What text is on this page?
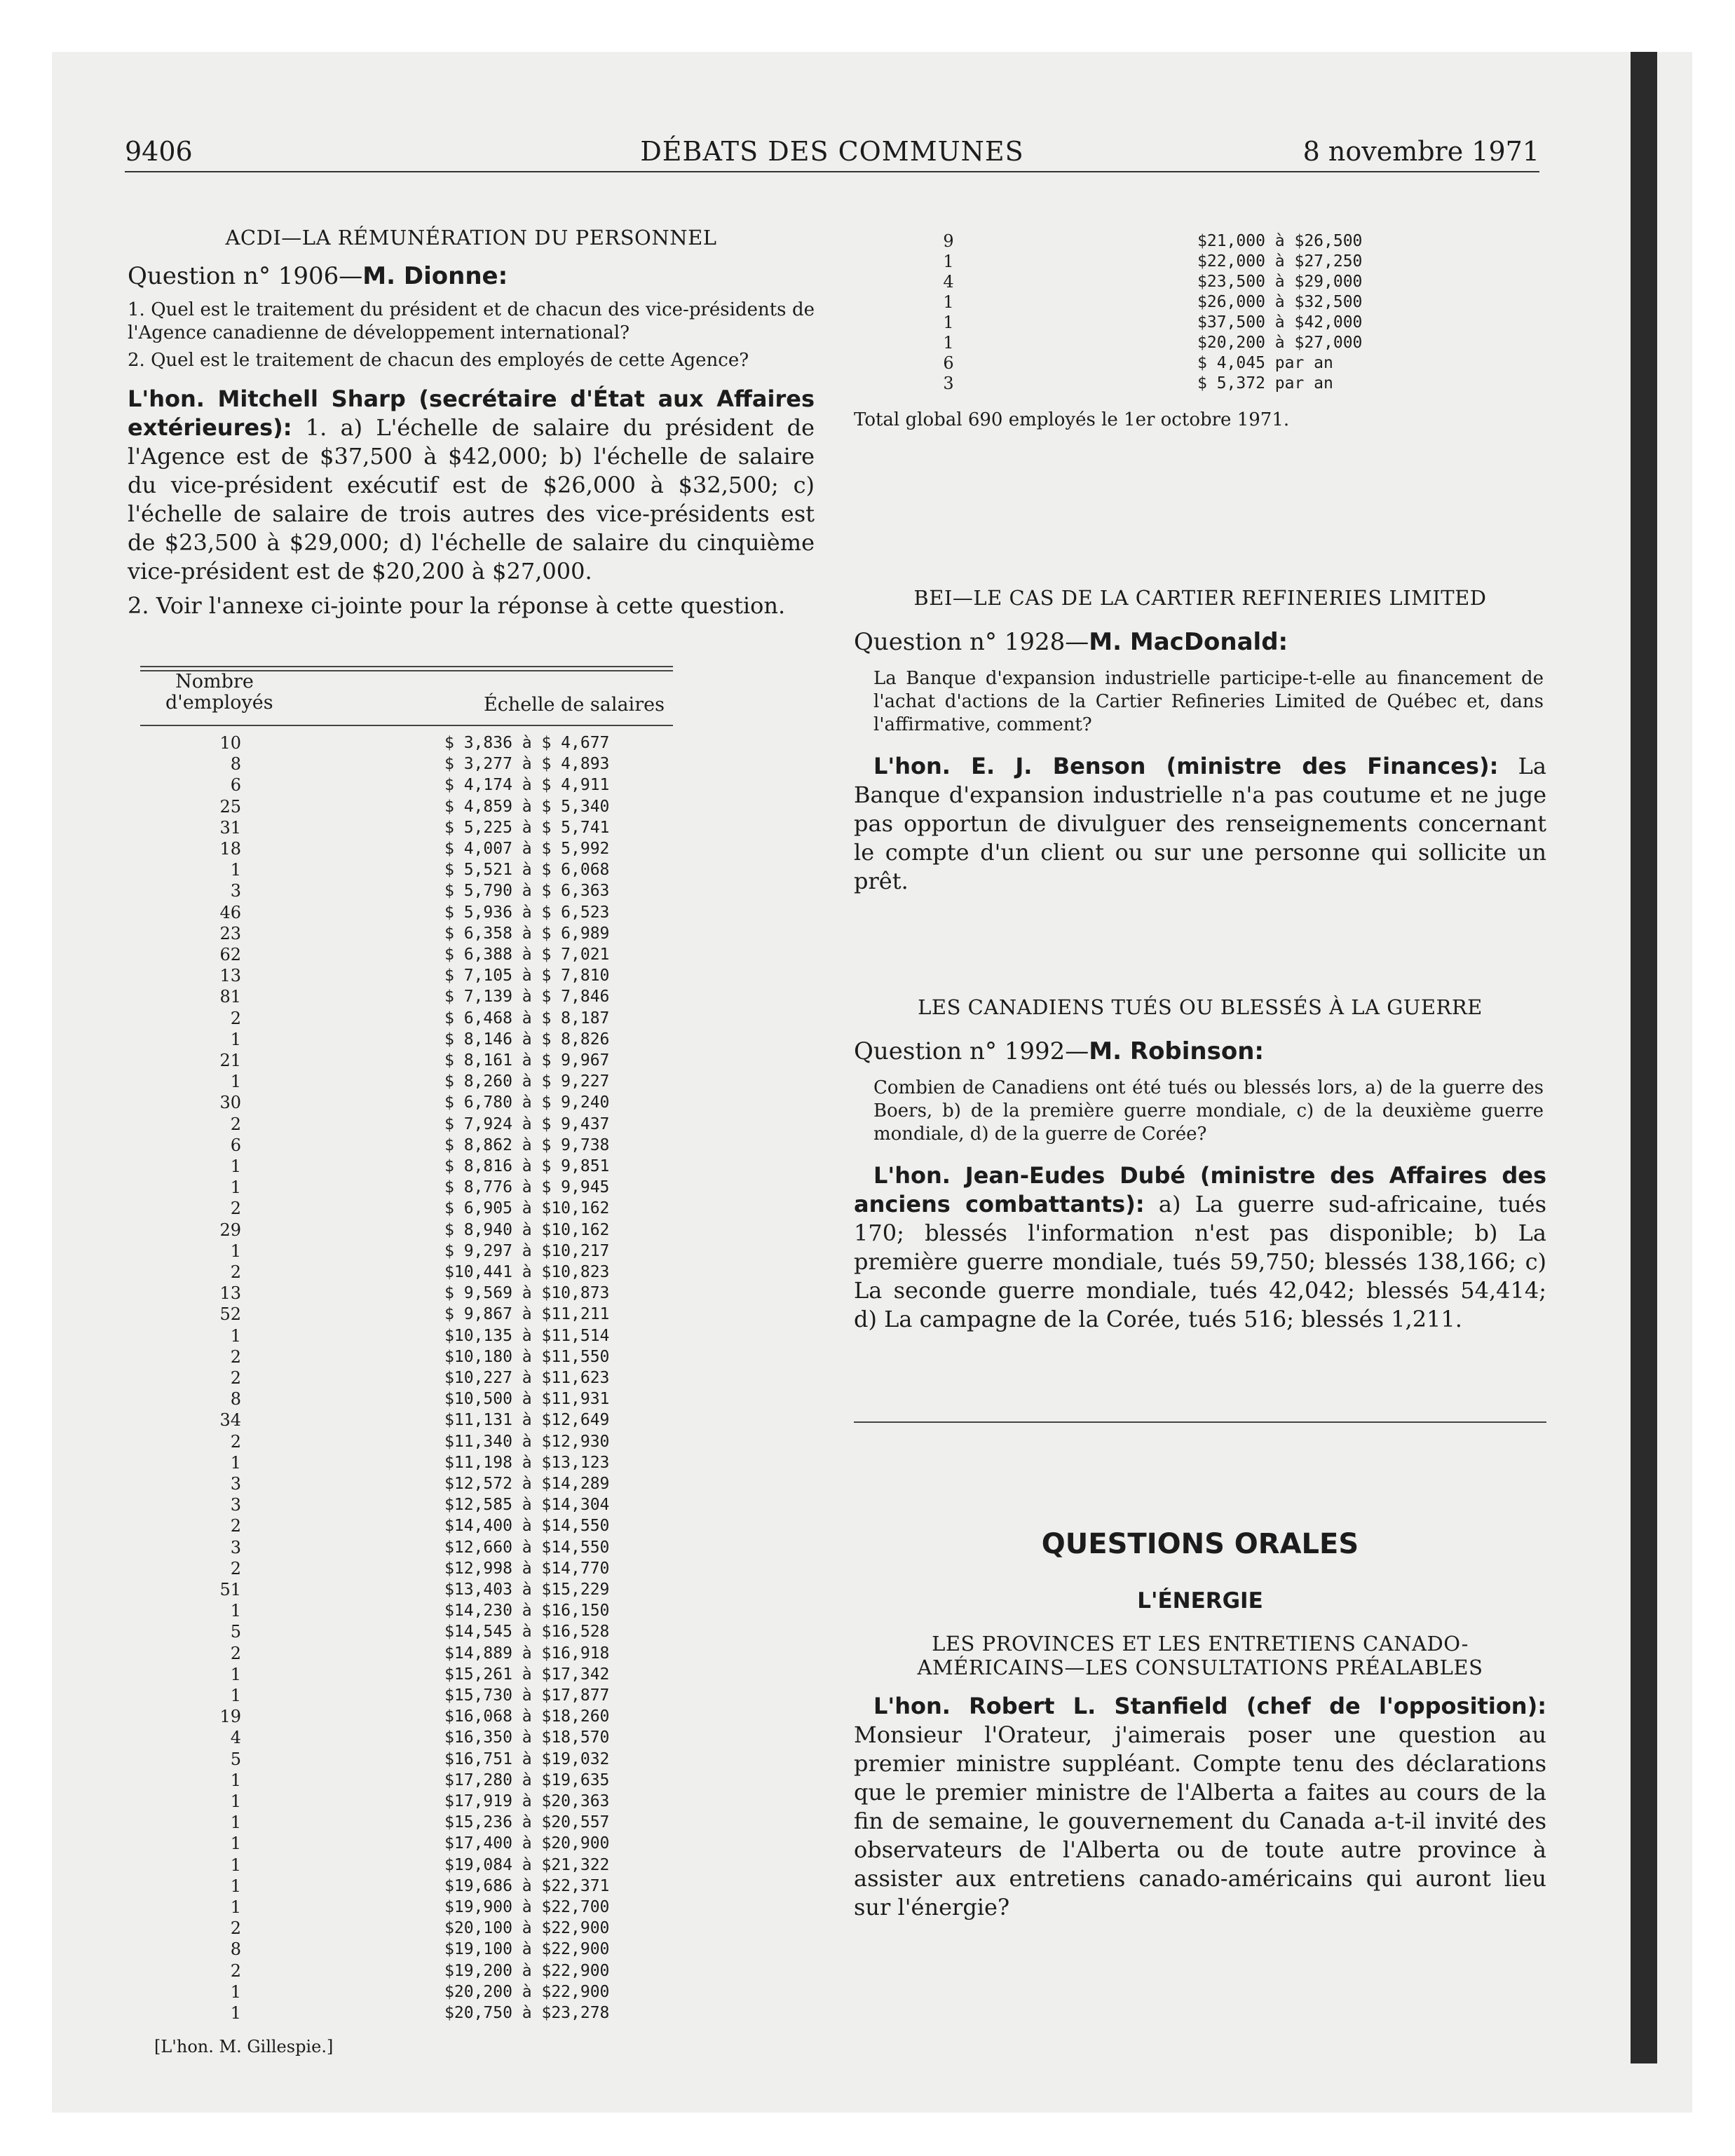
9406	DÉBATS DES COMMUNES	8 novembre 1971
ACDI—LA RÉMUNÉRATION DU PERSONNEL
Question n° 1906—M. Dionne:

1. Quel est le traitement du président et de chacun des vice-présidents de l'Agence canadienne de développement international?

2. Quel est le traitement de chacun des employés de cette Agence?

L'hon. Mitchell Sharp (secrétaire d'État aux Affaires extérieures): 1. a) L'échelle de salaire du président de l'Agence est de $37,500 à $42,000; b) l'échelle de salaire du vice-président exécutif est de $26,000 à $32,500; c) l'échelle de salaire de trois autres des vice-présidents est de $23,500 à $29,000; d) l'échelle de salaire du cinquième vice-président est de $20,200 à $27,000.

2. Voir l'annexe ci-jointe pour la réponse à cette question.

Nombre d'employés	Échelle de salaires
10	$ 3,836 à $ 4,677
8	$ 3,277 à $ 4,893
6	$ 4,174 à $ 4,911
25	$ 4,859 à $ 5,340
31	$ 5,225 à $ 5,741
18	$ 4,007 à $ 5,992
1	$ 5,521 à $ 6,068
3	$ 5,790 à $ 6,363
46	$ 5,936 à $ 6,523
23	$ 6,358 à $ 6,989
62	$ 6,388 à $ 7,021
13	$ 7,105 à $ 7,810
81	$ 7,139 à $ 7,846
2	$ 6,468 à $ 8,187
1	$ 8,146 à $ 8,826
21	$ 8,161 à $ 9,967
1	$ 8,260 à $ 9,227
30	$ 6,780 à $ 9,240
2	$ 7,924 à $ 9,437
6	$ 8,862 à $ 9,738
1	$ 8,816 à $ 9,851
1	$ 8,776 à $ 9,945
2	$ 6,905 à $10,162
29	$ 8,940 à $10,162
1	$ 9,297 à $10,217
2	$10,441 à $10,823
13	$ 9,569 à $10,873
52	$ 9,867 à $11,211
1	$10,135 à $11,514
2	$10,180 à $11,550
2	$10,227 à $11,623
8	$10,500 à $11,931
34	$11,131 à $12,649
2	$11,340 à $12,930
1	$11,198 à $13,123
3	$12,572 à $14,289
3	$12,585 à $14,304
2	$14,400 à $14,550
3	$12,660 à $14,550
2	$12,998 à $14,770
51	$13,403 à $15,229
1	$14,230 à $16,150
5	$14,545 à $16,528
2	$14,889 à $16,918
1	$15,261 à $17,342
1	$15,730 à $17,877
19	$16,068 à $18,260
4	$16,350 à $18,570
5	$16,751 à $19,032
1	$17,280 à $19,635
1	$17,919 à $20,363
1	$15,236 à $20,557
1	$17,400 à $20,900
1	$19,084 à $21,322
1	$19,686 à $22,371
1	$19,900 à $22,700
2	$20,100 à $22,900
8	$19,100 à $22,900
2	$19,200 à $22,900
1	$20,200 à $22,900
1	$20,750 à $23,278
[L'hon. M. Gillespie.]
9	$21,000 à $26,500
1	$22,000 à $27,250
4	$23,500 à $29,000
1	$26,000 à $32,500
1	$37,500 à $42,000
1	$20,200 à $27,000
6	$ 4,045 par an
3	$ 5,372 par an
Total global 690 employés le 1er octobre 1971.
BEI—LE CAS DE LA CARTIER REFINERIES LIMITED
Question n° 1928—M. MacDonald:

La Banque d'expansion industrielle participe-t-elle au financement de l'achat d'actions de la Cartier Refineries Limited de Québec et, dans l'affirmative, comment?

L'hon. E. J. Benson (ministre des Finances): La Banque d'expansion industrielle n'a pas coutume et ne juge pas opportun de divulguer des renseignements concernant le compte d'un client ou sur une personne qui sollicite un prêt.

LES CANADIENS TUÉS OU BLESSÉS À LA GUERRE
Question n° 1992—M. Robinson:

Combien de Canadiens ont été tués ou blessés lors, a) de la guerre des Boers, b) de la première guerre mondiale, c) de la deuxième guerre mondiale, d) de la guerre de Corée?

L'hon. Jean-Eudes Dubé (ministre des Affaires des anciens combattants): a) La guerre sud-africaine, tués 170; blessés l'information n'est pas disponible; b) La première guerre mondiale, tués 59,750; blessés 138,166; c) La seconde guerre mondiale, tués 42,042; blessés 54,414; d) La campagne de la Corée, tués 516; blessés 1,211.

QUESTIONS ORALES
L'ÉNERGIE
LES PROVINCES ET LES ENTRETIENS CANADO-AMÉRICAINS—LES CONSULTATIONS PRÉALABLES

L'hon. Robert L. Stanfield (chef de l'opposition): Monsieur l'Orateur, j'aimerais poser une question au premier ministre suppléant. Compte tenu des déclarations que le premier ministre de l'Alberta a faites au cours de la fin de semaine, le gouvernement du Canada a-t-il invité des observateurs de l'Alberta ou de toute autre province à assister aux entretiens canado-américains qui auront lieu sur l'énergie?
